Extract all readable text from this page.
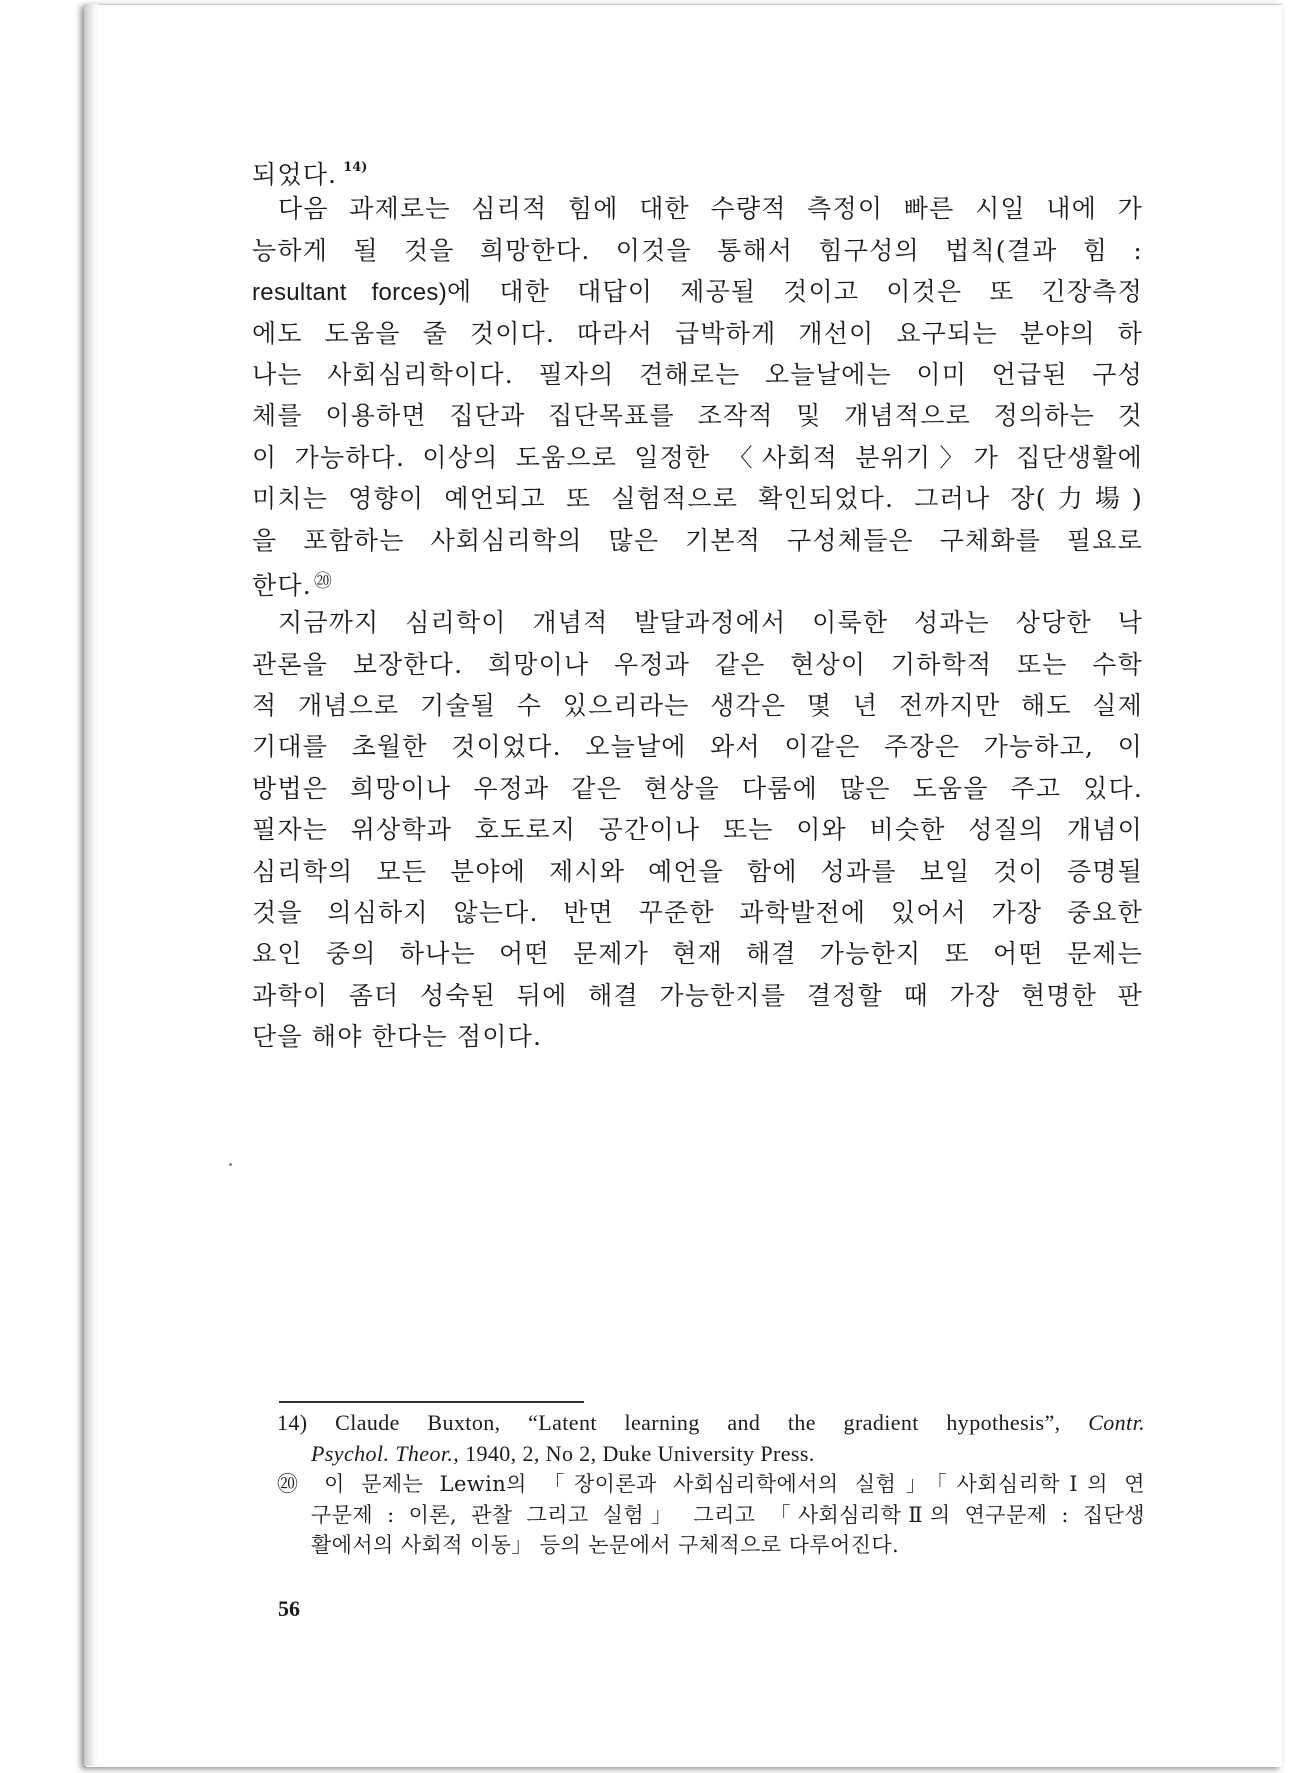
되었다. $^{14)}$
다음 과제로는 심리적 힘에 대한 수량적 측정이 빠른 시일 내에 가
능하게 될 것을 희망한다. 이것을 통해서 힘구성의 법칙(결과 힘 :
resultant forces)에 대한 대답이 제공될 것이고 이것은 또 긴장측정
에도 도움을 줄 것이다. 따라서 급박하게 개선이 요구되는 분야의 하
나는 사회심리학이다. 필자의 견해로는 오늘날에는 이미 언급된 구성
체를 이용하면 집단과 집단목표를 조작적 및 개념적으로 정의하는 것
이 가능하다. 이상의 도움으로 일정한 〈사회적 분위기〉가 집단생활에
미치는 영향이 예언되고 또 실험적으로 확인되었다. 그러나 장(力場)
을 포함하는 사회심리학의 많은 기본적 구성체들은 구체화를 필요로
한다. ⑳
지금까지 심리학이 개념적 발달과정에서 이룩한 성과는 상당한 낙
관론을 보장한다. 희망이나 우정과 같은 현상이 기하학적 또는 수학
적 개념으로 기술될 수 있으리라는 생각은 몇 년 전까지만 해도 실제
기대를 초월한 것이었다. 오늘날에 와서 이같은 주장은 가능하고, 이
방법은 희망이나 우정과 같은 현상을 다룸에 많은 도움을 주고 있다.
필자는 위상학과 호도로지 공간이나 또는 이와 비슷한 성질의 개념이
심리학의 모든 분야에 제시와 예언을 함에 성과를 보일 것이 증명될
것을 의심하지 않는다. 반면 꾸준한 과학발전에 있어서 가장 중요한
요인 중의 하나는 어떤 문제가 현재 해결 가능한지 또 어떤 문제는
과학이 좀더 성숙된 뒤에 해결 가능한지를 결정할 때 가장 현명한 판
단을 해야 한다는 점이다.
14) Claude Buxton, “Latent learning and the gradient hypothesis”, Contr.
Psychol. Theor., 1940, 2, No 2, Duke University Press.
⑳ 이 문제는 Lewin의 「장이론과 사회심리학에서의 실험」「사회심리학Ⅰ의 연
구문제 : 이론, 관찰 그리고 실험」 그리고 「사회심리학Ⅱ의 연구문제 : 집단생
활에서의 사회적 이동」 등의 논문에서 구체적으로 다루어진다.
56
